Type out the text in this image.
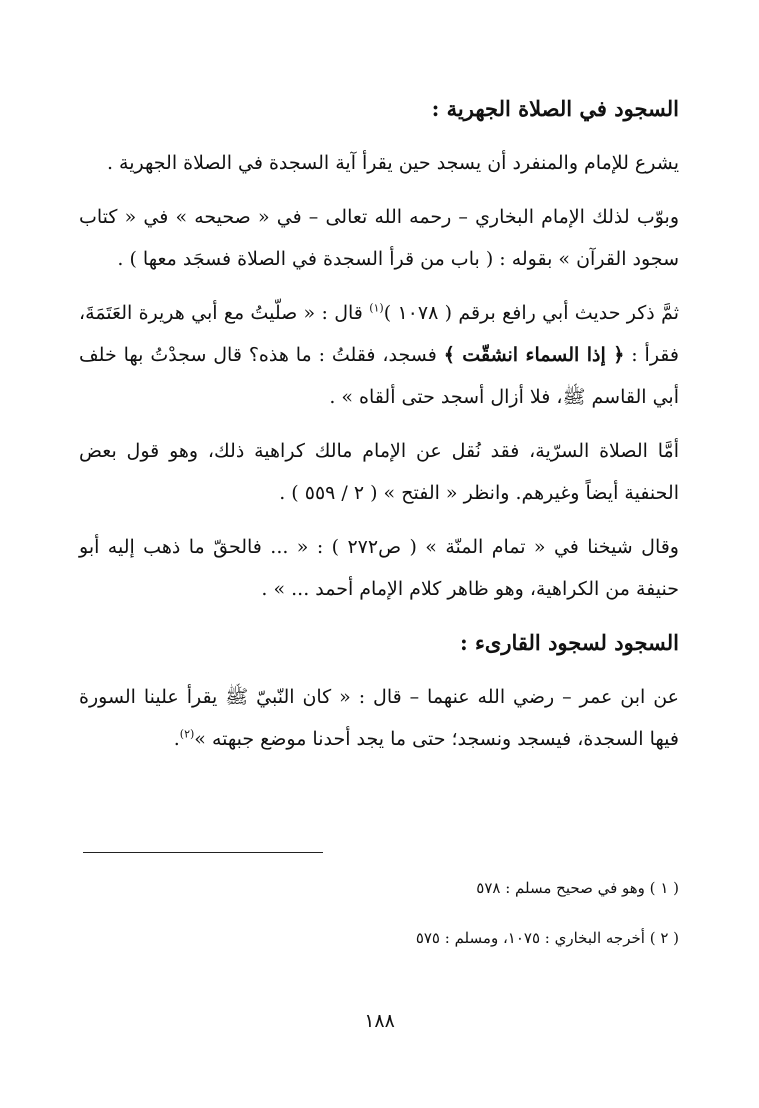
السجود في الصلاة الجهرية :

يشرع للإمام والمنفرد أن يسجد حين يقرأ آية السجدة في الصلاة الجهرية .

وبوّب لذلك الإمام البخاري – رحمه الله تعالى – في « صحيحه » في « كتاب سجود القرآن » بقوله : ( باب من قرأ السجدة في الصلاة فسجَد معها ) .

ثمَّ ذكر حديث أبي رافع برقم ( ١٠٧٨ )$^{(١)}$ قال : « صلّيتُ مع أبي هريرة العَتَمَةَ، فقرأ : ﴿ إذا السماء انشقّت ﴾ فسجد، فقلتُ : ما هذه؟ قال سجدْتُ بها خلف أبي القاسم ﷺ، فلا أزال أسجد حتى ألقاه » .

أمَّا الصلاة السرّية، فقد نُقل عن الإمام مالك كراهية ذلك، وهو قول بعض الحنفية أيضاً وغيرهم. وانظر « الفتح » ( ٢ / ٥٥٩ ) .

وقال شيخنا في « تمام المنّة » ( ص٢٧٢ ) : « ... فالحقّ ما ذهب إليه أبو حنيفة من الكراهية، وهو ظاهر كلام الإمام أحمد ... » .

السجود لسجود القارىء :

عن ابن عمر – رضي الله عنهما – قال : « كان النّبيّ ﷺ يقرأ علينا السورة فيها السجدة، فيسجد ونسجد؛ حتى ما يجد أحدنا موضع جبهته »$^{(٢)}$.

( ١ ) وهو في صحيح مسلم : ٥٧٨

( ٢ ) أخرجه البخاري : ١٠٧٥، ومسلم : ٥٧٥

١٨٨
